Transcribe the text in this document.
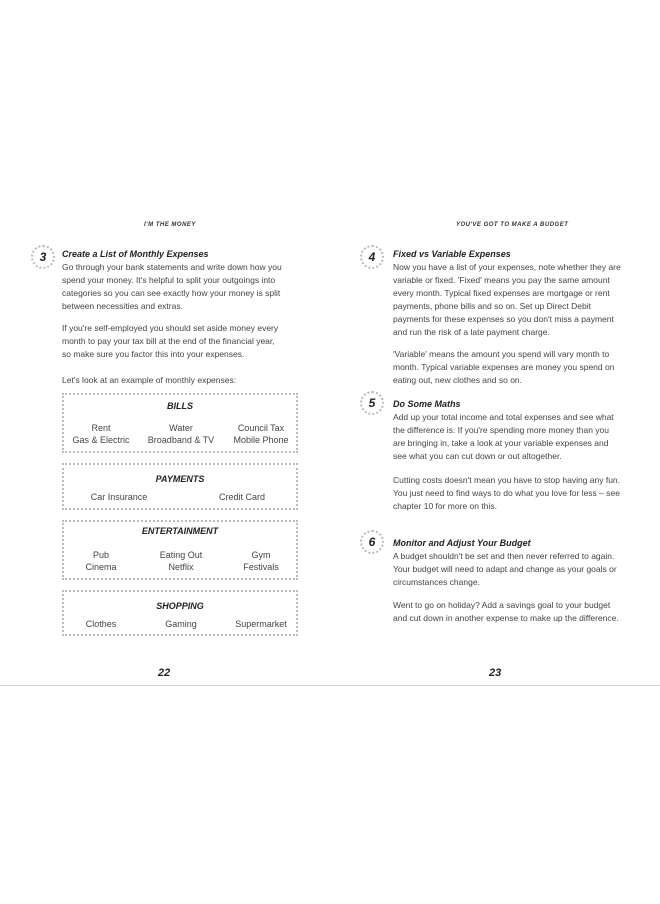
I'M THE MONEY	YOU'VE GOT TO MAKE A BUDGET
3	Create a List of Monthly Expenses
Go through your bank statements and write down how you
spend your money. It's helpful to split your outgoings into
categories so you can see exactly how your money is split
between necessities and extras.
If you're self-employed you should set aside money every
month to pay your tax bill at the end of the financial year,
so make sure you factor this into your expenses.
Let's look at an example of monthly expenses:
BILLS
Rent	Water	Council Tax
Gas & Electric	Broadband & TV	Mobile Phone
PAYMENTS
Car Insurance	Credit Card
ENTERTAINMENT
Pub	Eating Out	Gym
Cinema	Netflix	Festivals
SHOPPING
Clothes	Gaming	Supermarket
22
4	Fixed vs Variable Expenses
Now you have a list of your expenses, note whether they are
variable or fixed. 'Fixed' means you pay the same amount
every month. Typical fixed expenses are mortgage or rent
payments, phone bills and so on. Set up Direct Debit
payments for these expenses so you don't miss a payment
and run the risk of a late payment charge.
'Variable' means the amount you spend will vary month to
month. Typical variable expenses are money you spend on
eating out, new clothes and so on.
5	Do Some Maths
Add up your total income and total expenses and see what
the difference is. If you're spending more money than you
are bringing in, take a look at your variable expenses and
see what you can cut down or out altogether.
Cutting costs doesn't mean you have to stop having any fun.
You just need to find ways to do what you love for less – see
chapter 10 for more on this.
6	Monitor and Adjust Your Budget
A budget shouldn't be set and then never referred to again.
Your budget will need to adapt and change as your goals or
circumstances change.
Went to go on holiday? Add a savings goal to your budget
and cut down in another expense to make up the difference.
23
